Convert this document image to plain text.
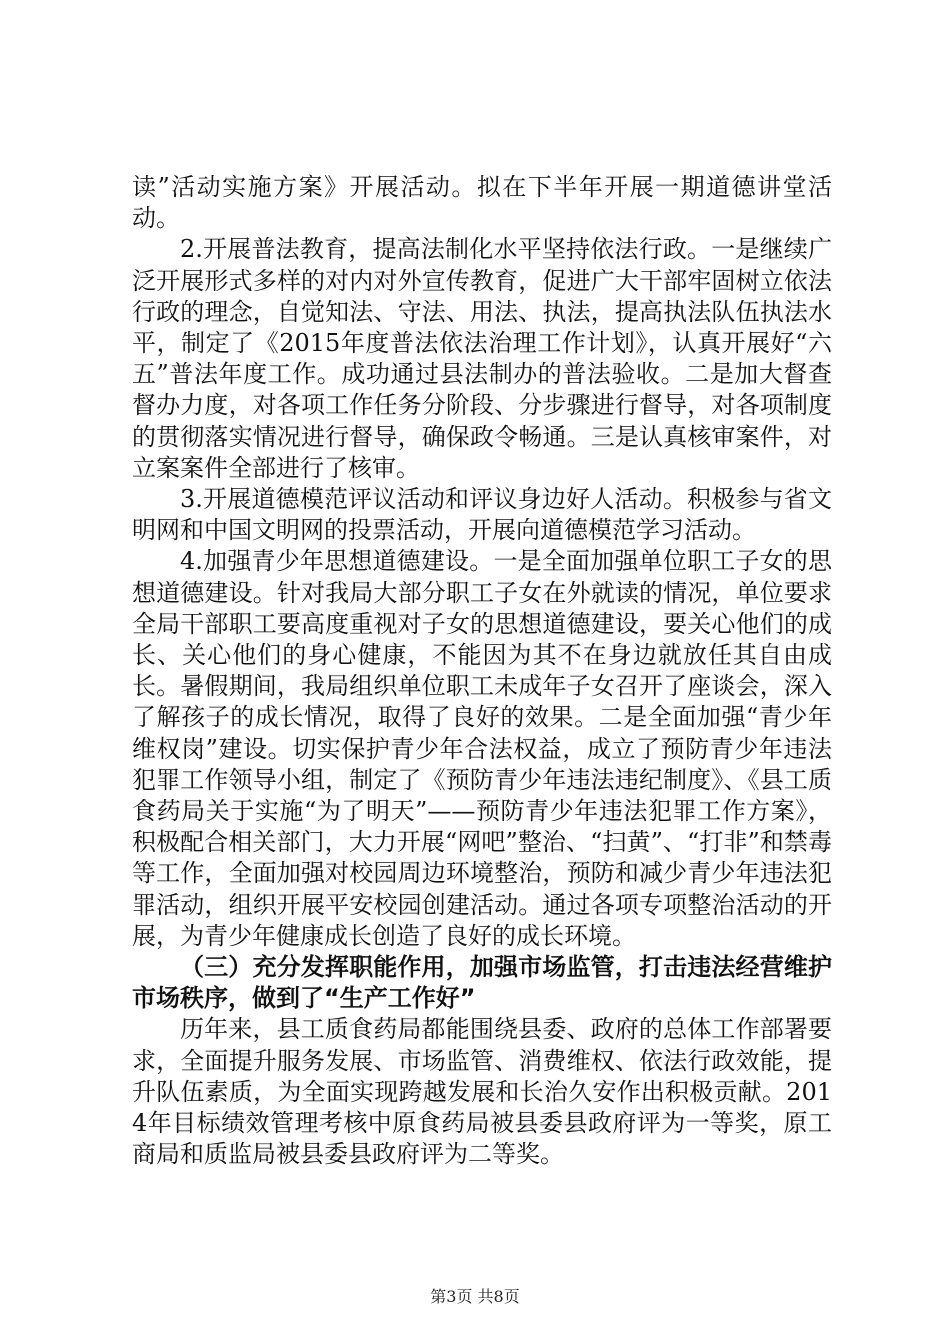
读”活动实施方案》开展活动。拟在下半年开展一期道德讲堂活动。

2.开展普法教育，提高法制化水平坚持依法行政。一是继续广泛开展形式多样的对内对外宣传教育，促进广大干部牢固树立依法行政的理念，自觉知法、守法、用法、执法，提高执法队伍执法水平，制定了《2015年度普法依法治理工作计划》，认真开展好“六五”普法年度工作。成功通过县法制办的普法验收。二是加大督查督办力度，对各项工作任务分阶段、分步骤进行督导，对各项制度的贯彻落实情况进行督导，确保政令畅通。三是认真核审案件，对立案案件全部进行了核审。

3.开展道德模范评议活动和评议身边好人活动。积极参与省文明网和中国文明网的投票活动，开展向道德模范学习活动。

4.加强青少年思想道德建设。一是全面加强单位职工子女的思想道德建设。针对我局大部分职工子女在外就读的情况，单位要求全局干部职工要高度重视对子女的思想道德建设，要关心他们的成长、关心他们的身心健康，不能因为其不在身边就放任其自由成长。暑假期间，我局组织单位职工未成年子女召开了座谈会，深入了解孩子的成长情况，取得了良好的效果。二是全面加强“青少年维权岗”建设。切实保护青少年合法权益，成立了预防青少年违法犯罪工作领导小组，制定了《预防青少年违法违纪制度》、《县工质食药局关于实施“为了明天”——预防青少年违法犯罪工作方案》，积极配合相关部门，大力开展“网吧”整治、“扫黄”、“打非”和禁毒等工作，全面加强对校园周边环境整治，预防和减少青少年违法犯罪活动，组织开展平安校园创建活动。通过各项专项整治活动的开展，为青少年健康成长创造了良好的成长环境。

（三）充分发挥职能作用，加强市场监管，打击违法经营维护市场秩序，做到了“生产工作好”

历年来，县工质食药局都能围绕县委、政府的总体工作部署要求，全面提升服务发展、市场监管、消费维权、依法行政效能，提升队伍素质，为全面实现跨越发展和长治久安作出积极贡献。2014年目标绩效管理考核中原食药局被县委县政府评为一等奖，原工商局和质监局被县委县政府评为二等奖。

第3页 共8页
